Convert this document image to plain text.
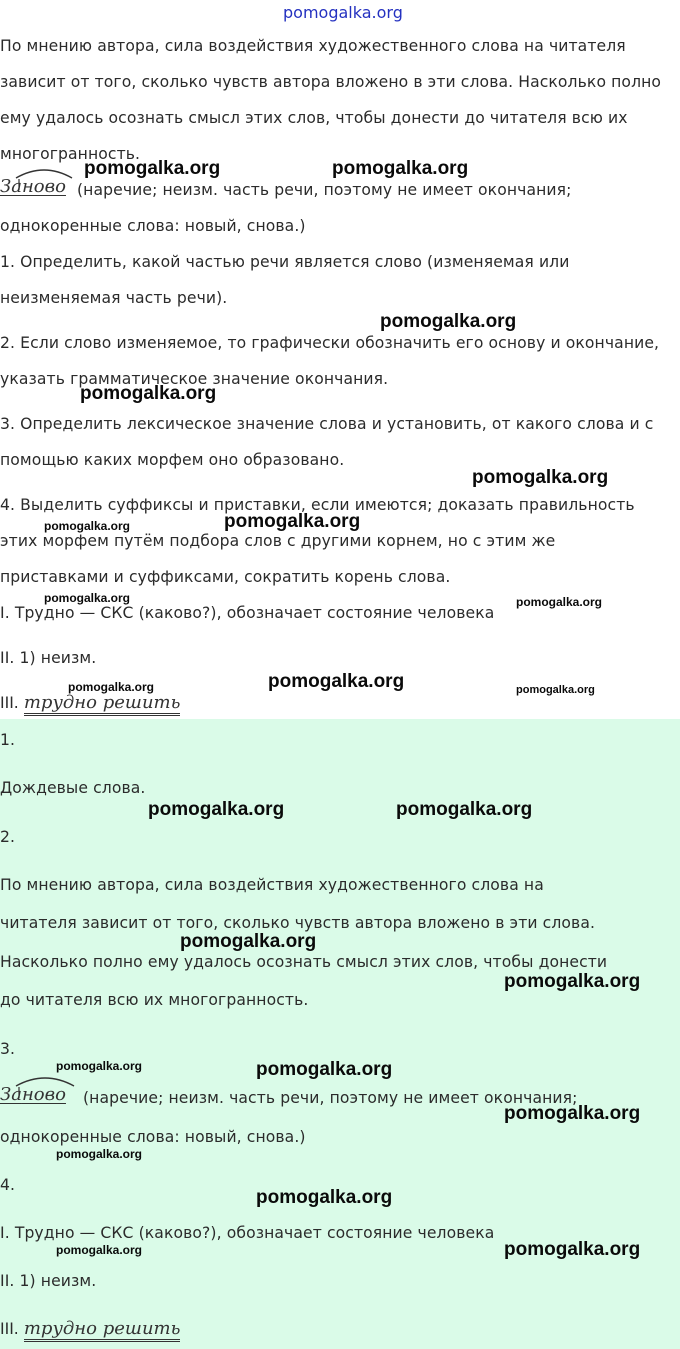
pomogalka.org
По мнению автора, сила воздействия художественного слова на читателя
зависит от того, сколько чувств автора вложено в эти слова. Насколько полно
ему удалось осознать смысл этих слов, чтобы донести до читателя всю их
многогранность.
Заново (наречие; неизм. часть речи, поэтому не имеет окончания;
однокоренные слова: новый, снова.)
1. Определить, какой частью речи является слово (изменяемая или
неизменяемая часть речи).
2. Если слово изменяемое, то графически обозначить его основу и окончание,
указать грамматическое значение окончания.
3. Определить лексическое значение слова и установить, от какого слова и с
помощью каких морфем оно образовано.
4. Выделить суффиксы и приставки, если имеются; доказать правильность
этих морфем путём подбора слов с другими корнем, но с этим же
приставками и суффиксами, сократить корень слова.
I. Трудно — СКС (каково?), обозначает состояние человека
II. 1) неизм.
III. трудно решить
1.
Дождевые слова.
2.
По мнению автора, сила воздействия художественного слова на
читателя зависит от того, сколько чувств автора вложено в эти слова.
Насколько полно ему удалось осознать смысл этих слов, чтобы донести
до читателя всю их многогранность.
3.
Заново (наречие; неизм. часть речи, поэтому не имеет окончания;
однокоренные слова: новый, снова.)
4.
I. Трудно — СКС (каково?), обозначает состояние человека
II. 1) неизм.
III. трудно решить
pomogalka.org	pomogalka.org
pomogalka.org
pomogalka.org
pomogalka.org
pomogalka.org	pomogalka.org
pomogalka.org	pomogalka.org
pomogalka.org	pomogalka.org	pomogalka.org
pomogalka.org	pomogalka.org
pomogalka.org
pomogalka.org
pomogalka.org	pomogalka.org
pomogalka.org
pomogalka.org
pomogalka.org
pomogalka.org	pomogalka.org
